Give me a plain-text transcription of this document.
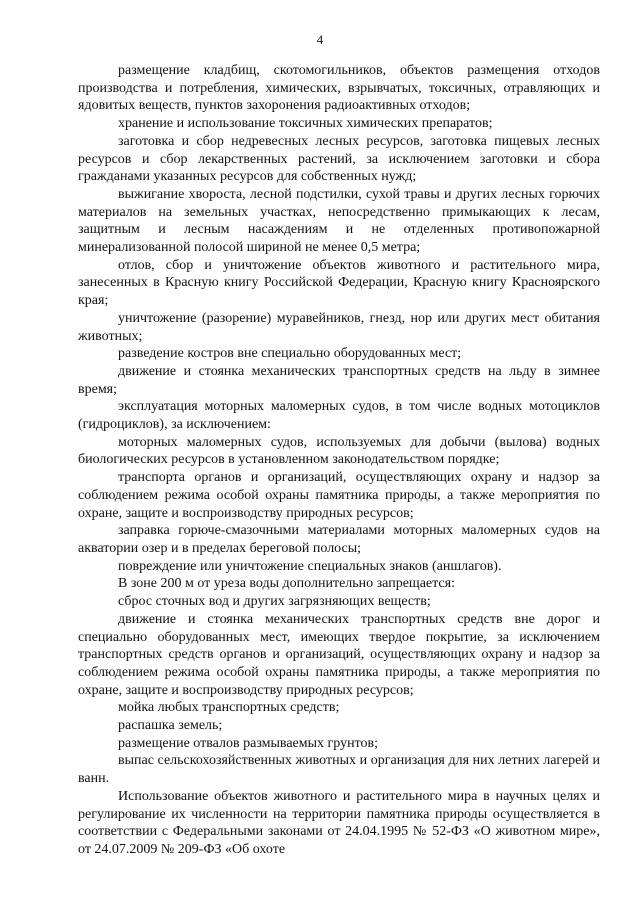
4

размещение кладбищ, скотомогильников, объектов размещения отходов производства и потребления, химических, взрывчатых, токсичных, отравляющих и ядовитых веществ, пунктов захоронения радиоактивных отходов;

хранение и использование токсичных химических препаратов;

заготовка и сбор недревесных лесных ресурсов, заготовка пищевых лесных ресурсов и сбор лекарственных растений, за исключением заготовки и сбора гражданами указанных ресурсов для собственных нужд;

выжигание хвороста, лесной подстилки, сухой травы и других лесных горючих материалов на земельных участках, непосредственно примыкающих к лесам, защитным и лесным насаждениям и не отделенных противопожарной минерализованной полосой шириной не менее 0,5 метра;

отлов, сбор и уничтожение объектов животного и растительного мира, занесенных в Красную книгу Российской Федерации, Красную книгу Красноярского края;

уничтожение (разорение) муравейников, гнезд, нор или других мест обитания животных;

разведение костров вне специально оборудованных мест;

движение и стоянка механических транспортных средств на льду в зимнее время;

эксплуатация моторных маломерных судов, в том числе водных мотоциклов (гидроциклов), за исключением:

моторных маломерных судов, используемых для добычи (вылова) водных биологических ресурсов в установленном законодательством порядке;

транспорта органов и организаций, осуществляющих охрану и надзор за соблюдением режима особой охраны памятника природы, а также мероприятия по охране, защите и воспроизводству природных ресурсов;

заправка горюче-смазочными материалами моторных маломерных судов на акватории озер и в пределах береговой полосы;

повреждение или уничтожение специальных знаков (аншлагов).

В зоне 200 м от уреза воды дополнительно запрещается:

сброс сточных вод и других загрязняющих веществ;

движение и стоянка механических транспортных средств вне дорог и специально оборудованных мест, имеющих твердое покрытие, за исключением транспортных средств органов и организаций, осуществляющих охрану и надзор за соблюдением режима особой охраны памятника природы, а также мероприятия по охране, защите и воспроизводству природных ресурсов;

мойка любых транспортных средств;

распашка земель;

размещение отвалов размываемых грунтов;

выпас сельскохозяйственных животных и организация для них летних лагерей и ванн.

Использование объектов животного и растительного мира в научных целях и регулирование их численности на территории памятника природы осуществляется в соответствии с Федеральными законами от 24.04.1995 № 52-ФЗ «О животном мире», от 24.07.2009 № 209-ФЗ «Об охоте
